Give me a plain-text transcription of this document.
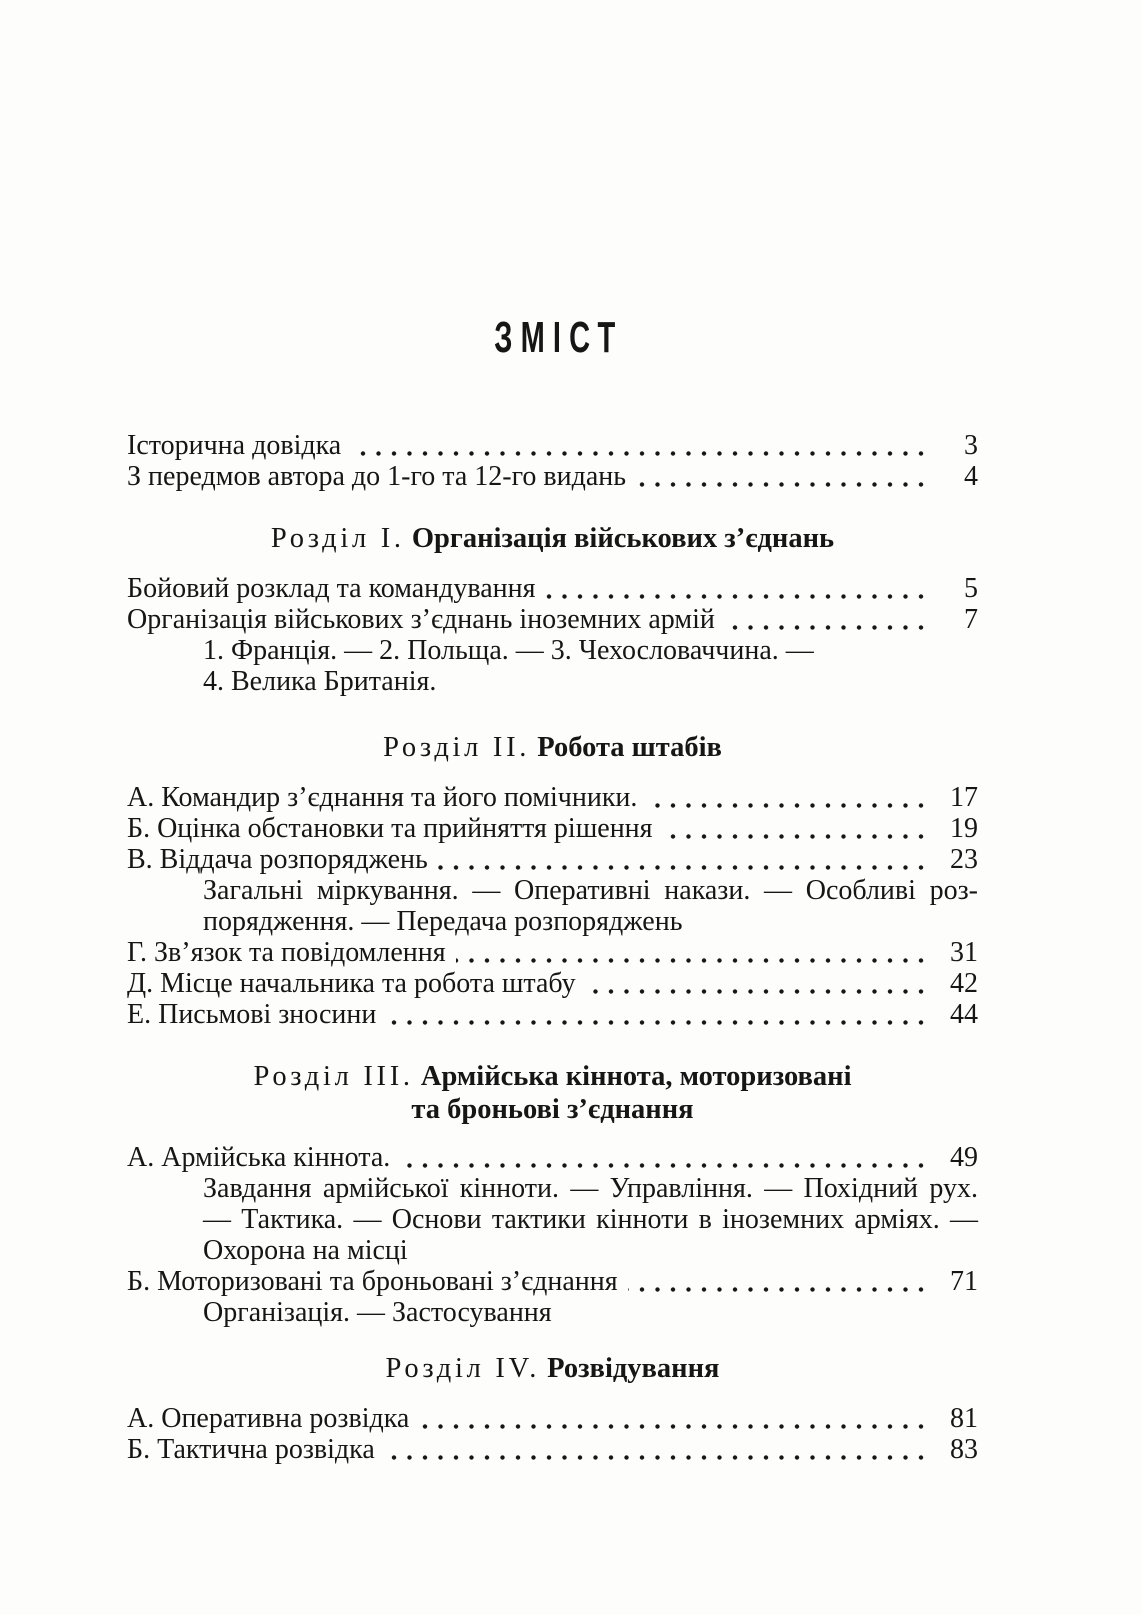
ЗМІСТ
Історична довідка	3
З передмов автора до 1-го та 12-го видань	4
Розділ I. Організація військових з’єднань
Бойовий розклад та командування	5
Організація військових з’єднань іноземних армій	7
1. Франція. — 2. Польща. — 3. Чехословаччина. —
4. Велика Британія.
Розділ II. Робота штабів
А. Командир з’єднання та його помічники.	17
Б. Оцінка обстановки та прийняття рішення	19
В. Віддача розпоряджень	23
Загальні міркування. — Оперативні накази. — Особливі роз-
порядження. — Передача розпоряджень
Г. Зв’язок та повідомлення	31
Д. Місце начальника та робота штабу	42
Е. Письмові зносини	44
Розділ III. Армійська кіннота, моторизовані
та броньові з’єднання
А. Армійська кіннота.	49
Завдання армійської кінноти. — Управління. — Похідний рух.
— Тактика. — Основи тактики кінноти в іноземних арміях. —
Охорона на місці
Б. Моторизовані та броньовані з’єднання	71
Організація. — Застосування
Розділ IV. Розвідування
А. Оперативна розвідка	81
Б. Тактична розвідка	83
